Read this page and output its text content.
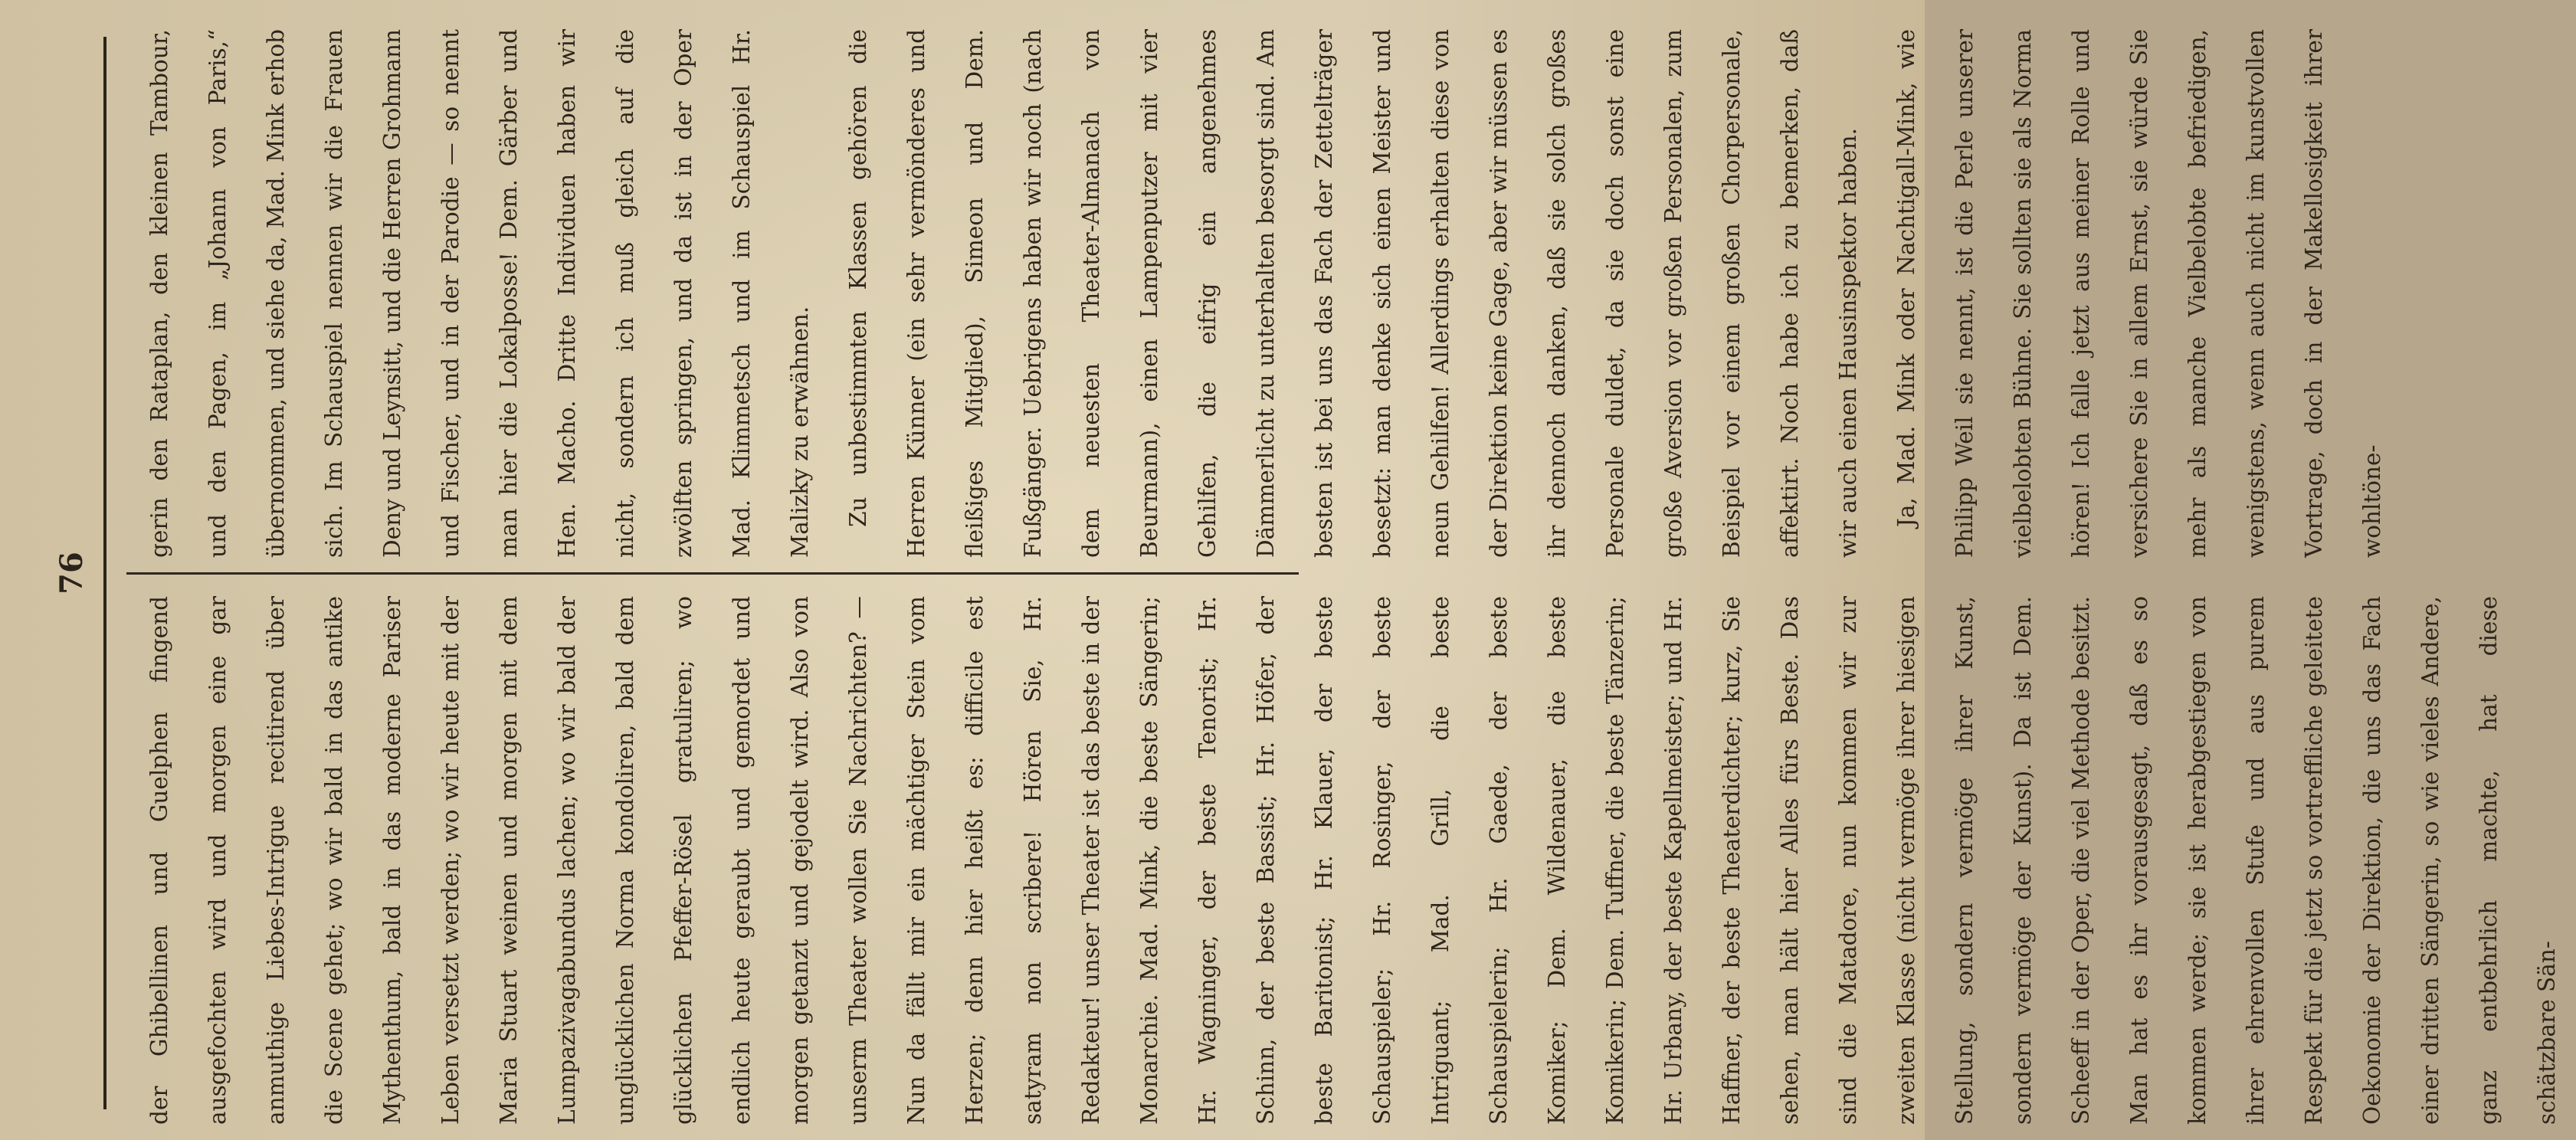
76

der Ghibellinen und Guelphen fingend ausgefochten wird und morgen eine gar anmuthige Liebes-Intrigue recitirend über die Scene gehet; wo wir bald in das antike Mythenthum, bald in das moderne Pariser Leben versetzt werden; wo wir heute mit der Maria Stuart weinen und morgen mit dem Lumpazivagabundus lachen; wo wir bald der unglücklichen Norma kondoliren, bald dem glücklichen Pfeffer-Rösel gratuliren; wo endlich heute geraubt und gemordet und morgen getanzt und gejodelt wird. Also von unserm Theater wollen Sie Nachrichten? — Nun da fällt mir ein mächtiger Stein vom Herzen; denn hier heißt es: difficile est satyram non scribere! Hören Sie, Hr. Redakteur! unser Theater ist das beste in der Monarchie. Mad. Mink, die beste Sängerin; Hr. Wagninger, der beste Tenorist; Hr. Schinn, der beste Bassist; Hr. Höfer, der beste Baritonist; Hr. Klauer, der beste Schauspieler; Hr. Rosinger, der beste Intriguant; Mad. Grill, die beste Schauspielerin; Hr. Gaede, der beste Komiker; Dem. Wildenauer, die beste Komikerin; Dem. Tuffner, die beste Tänzerin; Hr. Urbany, der beste Kapellmeister; und Hr. Haffner, der beste Theaterdichter; kurz, Sie sehen, man hält hier Alles fürs Beste. Das sind die Matadore, nun kommen wir zur zweiten Klasse (nicht vermöge ihrer hiesigen Stellung, sondern vermöge ihrer Kunst, sondern vermöge der Kunst). Da ist Dem. Scheeff in der Oper, die viel Methode besitzt. Man hat es ihr vorausgesagt, daß es so kommen werde; sie ist herabgestiegen von ihrer ehrenvollen Stufe und aus purem Respekt für die jetzt so vortreffliche geleitete Oekonomie der Direktion, die uns das Fach einer dritten Sängerin, so wie vieles Andere, ganz entbehrlich machte, hat diese schätzbare Sän-

gerin den Rataplan, den kleinen Tambour, und den Pagen, im „Johann von Paris,“ übernommen, und siehe da, Mad. Mink erhob sich. Im Schauspiel nennen wir die Frauen Deny und Leynsitt, und die Herren Grohmann und Fischer, und in der Parodie — so nennt man hier die Lokalposse! Dem. Gärber und Hen. Macho. Dritte Individuen haben wir nicht, sondern ich muß gleich auf die zwölften springen, und da ist in der Oper Mad. Klimmetsch und im Schauspiel Hr. Malizky zu erwähnen.	Zu unbestimmten Klassen gehören die Herren Künner (ein sehr vermönderes und fleißiges Mitglied), Simeon und Dem. Fußgänger. Uebrigens haben wir noch (nach dem neuesten Theater-Almanach von Beurmann), einen Lampenputzer mit vier Gehilfen, die eifrig ein angenehmes Dämmerlicht zu unterhalten besorgt sind. Am besten ist bei uns das Fach der Zettelträger besetzt: man denke sich einen Meister und neun Gehilfen! Allerdings erhalten diese von der Direktion keine Gage, aber wir müssen es ihr dennoch danken, daß sie solch großes Personale duldet, da sie doch sonst eine große Aversion vor großen Personalen, zum Beispiel vor einem großen Chorpersonale, affektirt. Noch habe ich zu bemerken, daß wir auch einen Hausinspektor haben.	Ja, Mad. Mink oder Nachtigall-Mink, wie Philipp Weil sie nennt, ist die Perle unserer vielbelobten Bühne. Sie sollten sie als Norma hören! Ich falle jetzt aus meiner Rolle und versichere Sie in allem Ernst, sie würde Sie mehr als manche Vielbelobte befriedigen, wenigstens, wenn auch nicht im kunstvollen Vortrage, doch in der Makellosigkeit ihrer wohltöne-
